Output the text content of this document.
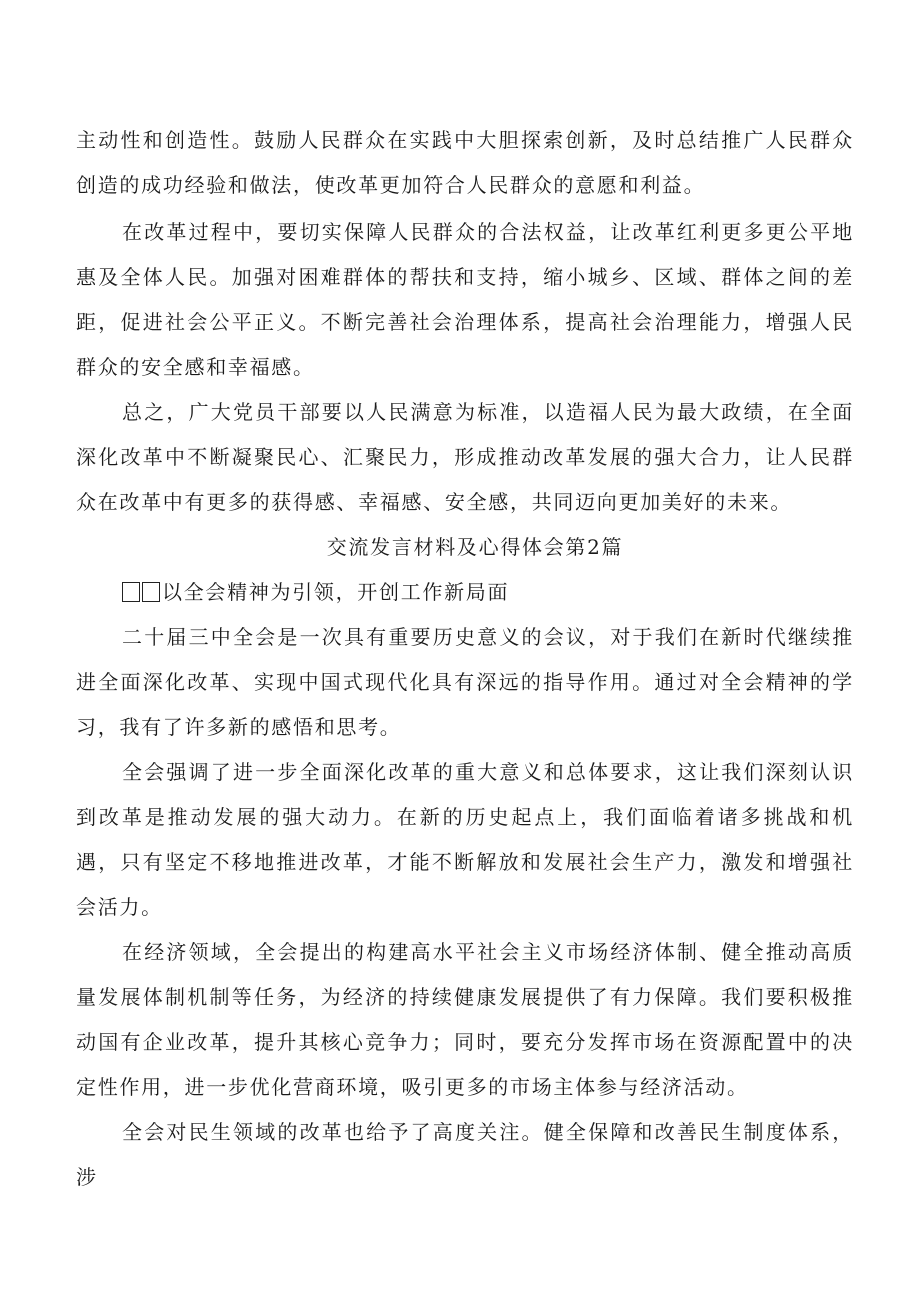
主动性和创造性。鼓励人民群众在实践中大胆探索创新，及时总结推广人民群众创造的成功经验和做法，使改革更加符合人民群众的意愿和利益。

在改革过程中，要切实保障人民群众的合法权益，让改革红利更多更公平地惠及全体人民。加强对困难群体的帮扶和支持，缩小城乡、区域、群体之间的差距，促进社会公平正义。不断完善社会治理体系，提高社会治理能力，增强人民群众的安全感和幸福感。

总之，广大党员干部要以人民满意为标准，以造福人民为最大政绩，在全面深化改革中不断凝聚民心、汇聚民力，形成推动改革发展的强大合力，让人民群众在改革中有更多的获得感、幸福感、安全感，共同迈向更加美好的未来。

交流发言材料及心得体会第2篇

以全会精神为引领，开创工作新局面

二十届三中全会是一次具有重要历史意义的会议，对于我们在新时代继续推进全面深化改革、实现中国式现代化具有深远的指导作用。通过对全会精神的学习，我有了许多新的感悟和思考。

全会强调了进一步全面深化改革的重大意义和总体要求，这让我们深刻认识到改革是推动发展的强大动力。在新的历史起点上，我们面临着诸多挑战和机遇，只有坚定不移地推进改革，才能不断解放和发展社会生产力，激发和增强社会活力。

在经济领域，全会提出的构建高水平社会主义市场经济体制、健全推动高质量发展体制机制等任务，为经济的持续健康发展提供了有力保障。我们要积极推动国有企业改革，提升其核心竞争力；同时，要充分发挥市场在资源配置中的决定性作用，进一步优化营商环境，吸引更多的市场主体参与经济活动。

全会对民生领域的改革也给予了高度关注。健全保障和改善民生制度体系，涉
